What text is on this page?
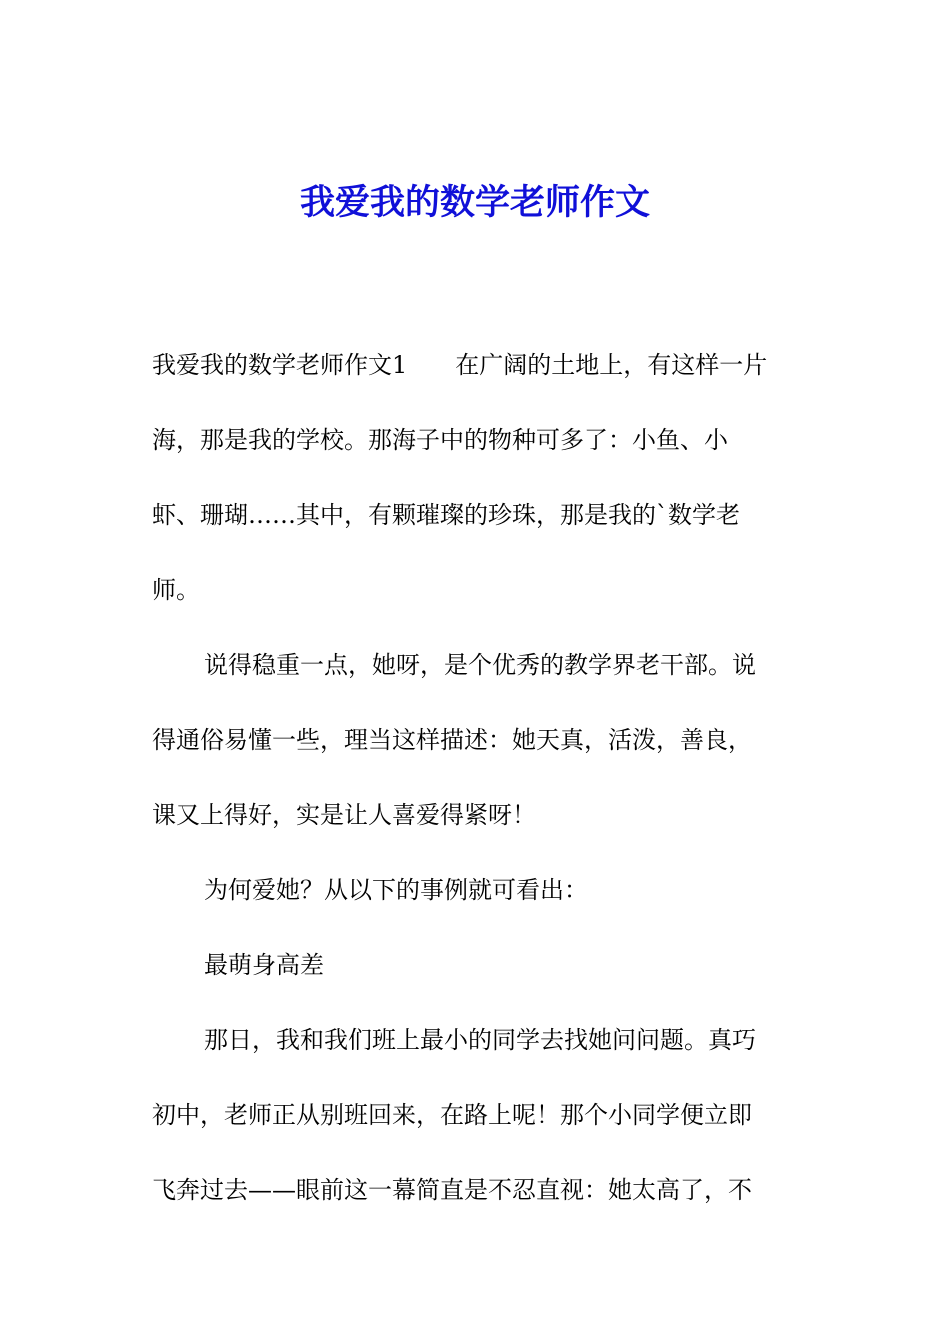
我爱我的数学老师作文
我爱我的数学老师作文1 在广阔的土地上，有这样一片
海，那是我的学校。那海子中的物种可多了：小鱼、小
虾、珊瑚……其中，有颗璀璨的珍珠，那是我的`数学老
师。
说得稳重一点，她呀，是个优秀的教学界老干部。说
得通俗易懂一些，理当这样描述：她天真，活泼，善良，
课又上得好，实是让人喜爱得紧呀！
为何爱她？从以下的事例就可看出：
最萌身高差
那日，我和我们班上最小的同学去找她问问题。真巧
初中，老师正从别班回来，在路上呢！那个小同学便立即
飞奔过去——眼前这一幕简直是不忍直视：她太高了，不
